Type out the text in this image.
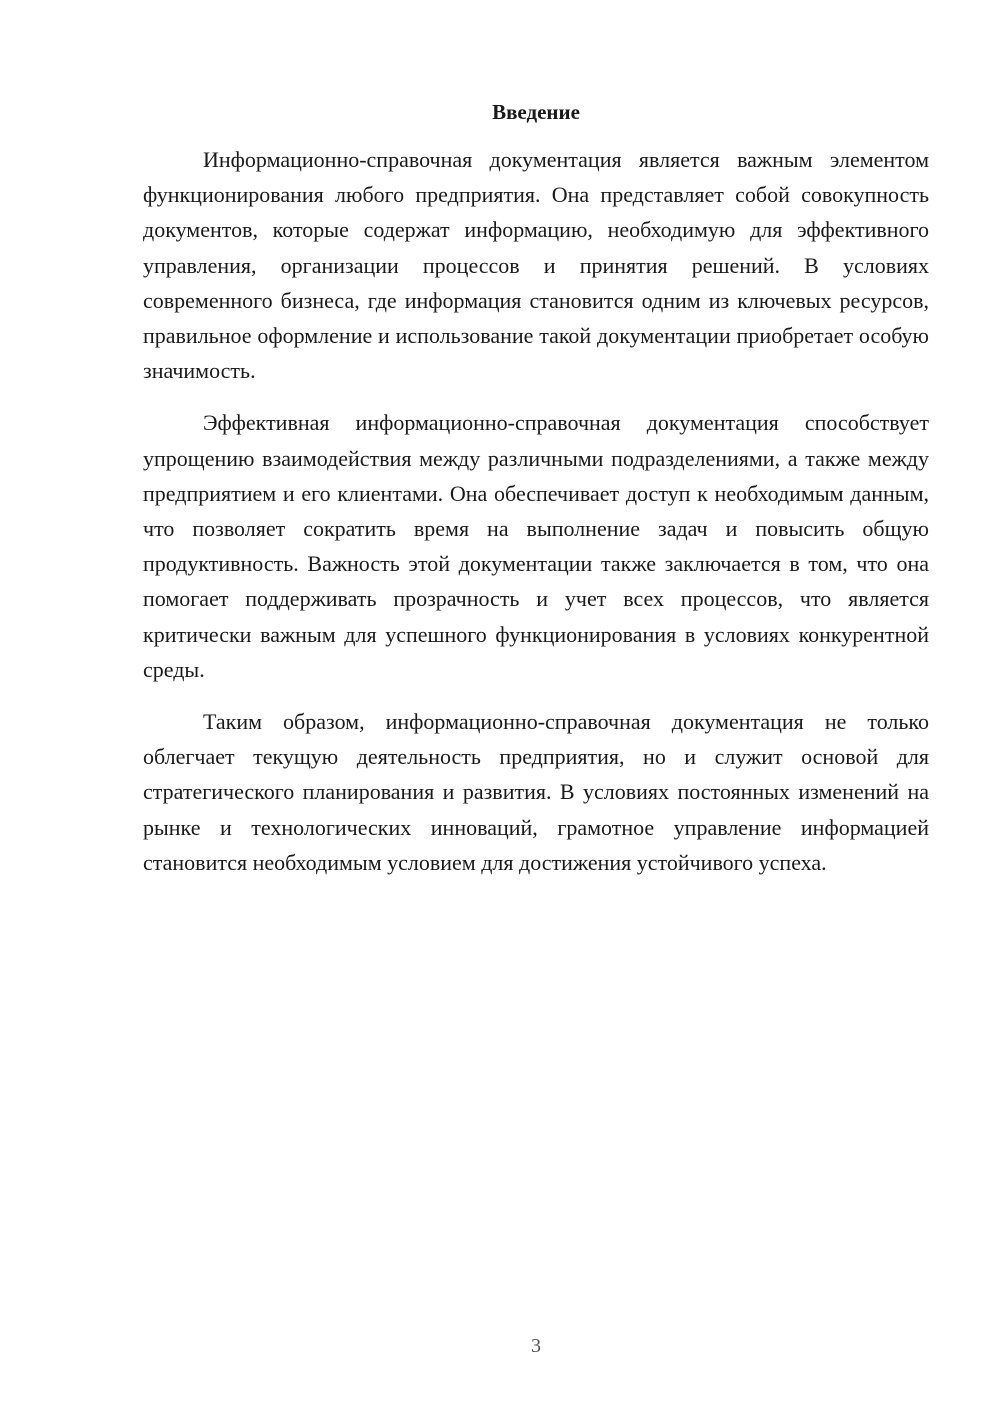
Введение

Информационно-справочная документация является важным элементом функционирования любого предприятия. Она представляет собой совокупность документов, которые содержат информацию, необходимую для эффективного управления, организации процессов и принятия решений. В условиях современного бизнеса, где информация становится одним из ключевых ресурсов, правильное оформление и использование такой документации приобретает особую значимость.

Эффективная информационно-справочная документация способствует упрощению взаимодействия между различными подразделениями, а также между предприятием и его клиентами. Она обеспечивает доступ к необходимым данным, что позволяет сократить время на выполнение задач и повысить общую продуктивность. Важность этой документации также заключается в том, что она помогает поддерживать прозрачность и учет всех процессов, что является критически важным для успешного функционирования в условиях конкурентной среды.

Таким образом, информационно-справочная документация не только облегчает текущую деятельность предприятия, но и служит основой для стратегического планирования и развития. В условиях постоянных изменений на рынке и технологических инноваций, грамотное управление информацией становится необходимым условием для достижения устойчивого успеха.

3
